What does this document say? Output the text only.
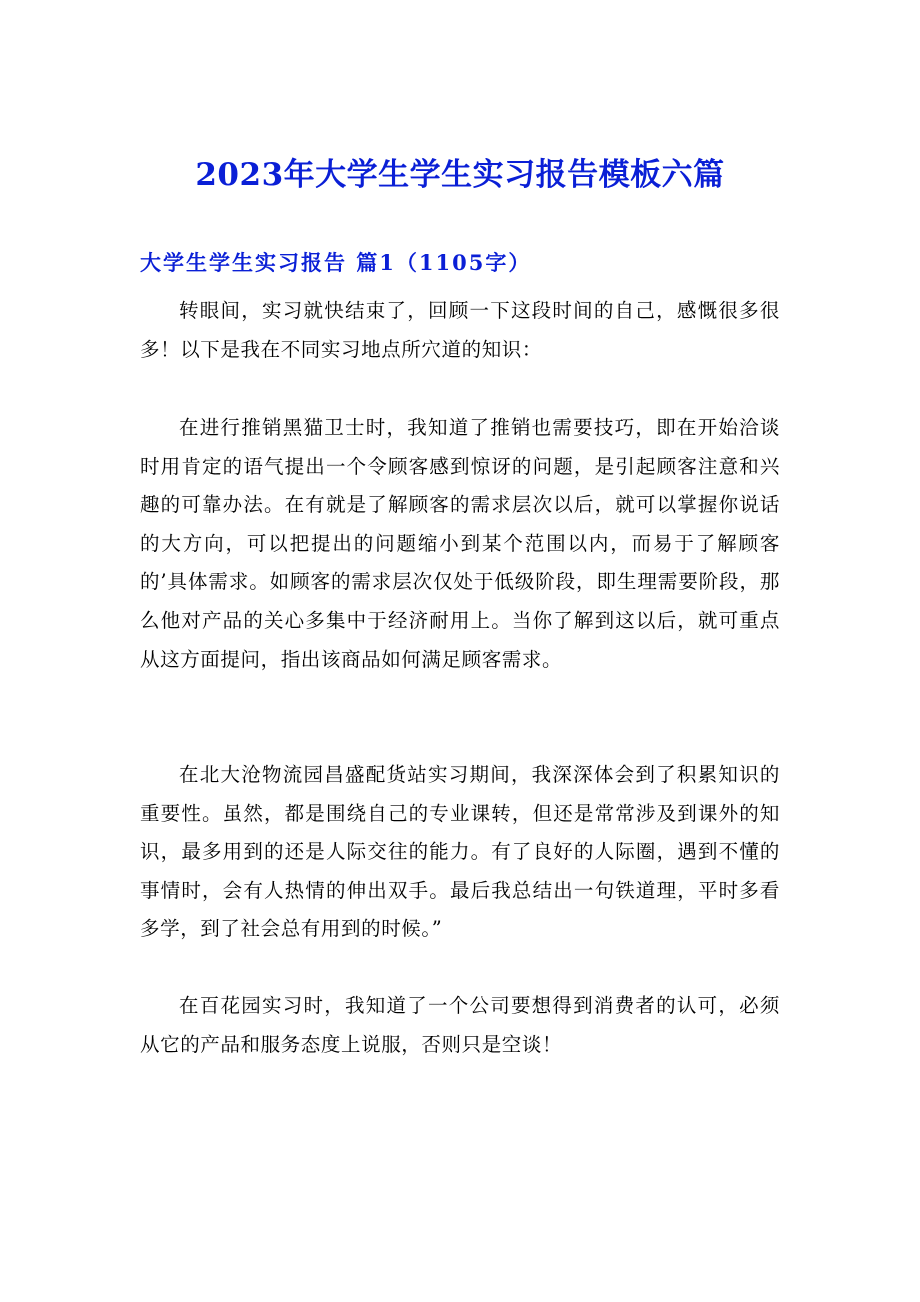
2023年大学生学生实习报告模板六篇
大学生学生实习报告 篇1（1105字）

转眼间，实习就快结束了，回顾一下这段时间的自己，感慨很多很多！以下是我在不同实习地点所穴道的知识：

在进行推销黑猫卫士时，我知道了推销也需要技巧，即在开始洽谈时用肯定的语气提出一个令顾客感到惊讶的问题，是引起顾客注意和兴趣的可靠办法。在有就是了解顾客的需求层次以后，就可以掌握你说话的大方向，可以把提出的问题缩小到某个范围以内，而易于了解顾客的’具体需求。如顾客的需求层次仅处于低级阶段，即生理需要阶段，那么他对产品的关心多集中于经济耐用上。当你了解到这以后，就可重点从这方面提问，指出该商品如何满足顾客需求。

在北大沧物流园昌盛配货站实习期间，我深深体会到了积累知识的重要性。虽然，都是围绕自己的专业课转，但还是常常涉及到课外的知识，最多用到的还是人际交往的能力。有了良好的人际圈，遇到不懂的事情时，会有人热情的伸出双手。最后我总结出一句铁道理，平时多看多学，到了社会总有用到的时候。”

在百花园实习时，我知道了一个公司要想得到消费者的认可，必须从它的产品和服务态度上说服，否则只是空谈！
